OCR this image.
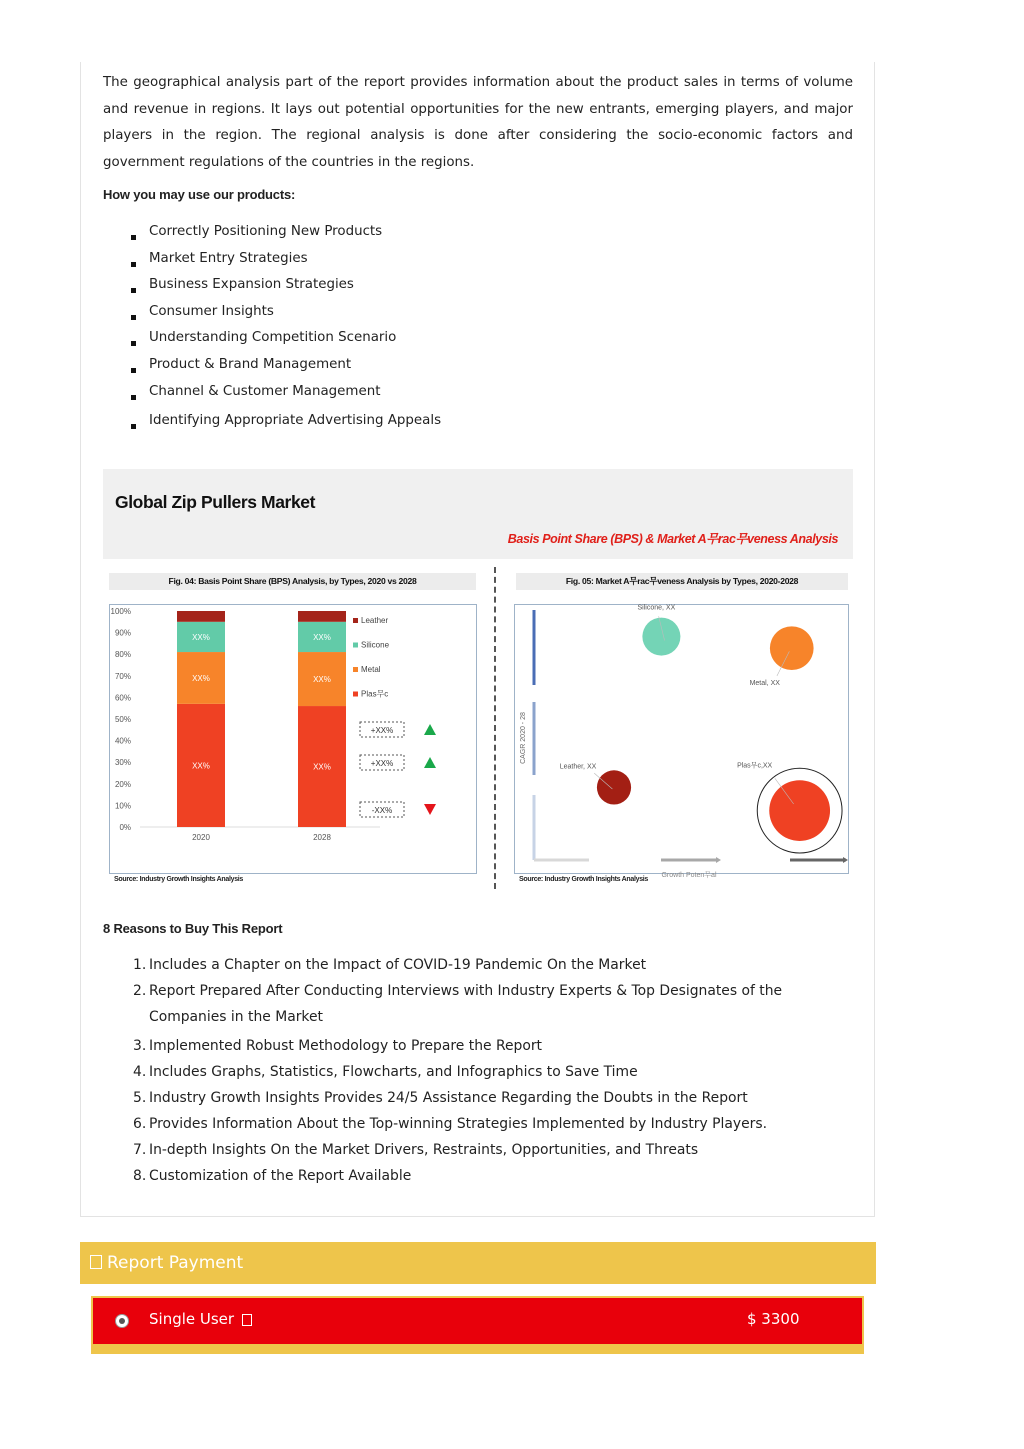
The geographical analysis part of the report provides information about the product sales in terms of volume and revenue in regions. It lays out potential opportunities for the new entrants, emerging players, and major players in the region. The regional analysis is done after considering the socio-economic factors and government regulations of the countries in the regions.

How you may use our products:

Correctly Positioning New Products
Market Entry Strategies
Business Expansion Strategies
Consumer Insights
Understanding Competition Scenario
Product & Brand Management
Channel & Customer Management
Identifying Appropriate Advertising Appeals
Global Zip Pullers Market
Basis Point Share (BPS) & Market A무rac무veness Analysis
Fig. 04: Basis Point Share (BPS) Analysis, by Types, 2020 vs 2028	Fig. 05: Market A무rac무veness Analysis by Types, 2020-2028
0%
10%
20%
30%
40%
50%
60%
70%
80%
90%
100%
XX%
XX%
XX%
2020
XX%
XX%
XX%
2028
Leather
Silicone
Metal
Plas무c
+XX%
+XX%
-XX%
CAGR 2020 - 28
Growth Poten무al
Silicone, XX
Metal, XX
Leather, XX	Plas무c,XX
Source: Industry Growth Insights Analysis	Source: Industry Growth Insights Analysis

8 Reasons to Buy This Report

1. Includes a Chapter on the Impact of COVID-19 Pandemic On the Market
2. Report Prepared After Conducting Interviews with Industry Experts & Top Designates of the Companies in the Market
3. Implemented Robust Methodology to Prepare the Report
4. Includes Graphs, Statistics, Flowcharts, and Infographics to Save Time
5. Industry Growth Insights Provides 24/5 Assistance Regarding the Doubts in the Report
6. Provides Information About the Top-winning Strategies Implemented by Industry Players.
7. In-depth Insights On the Market Drivers, Restraints, Opportunities, and Threats
8. Customization of the Report Available
Report Payment
Single User	$ 3300
